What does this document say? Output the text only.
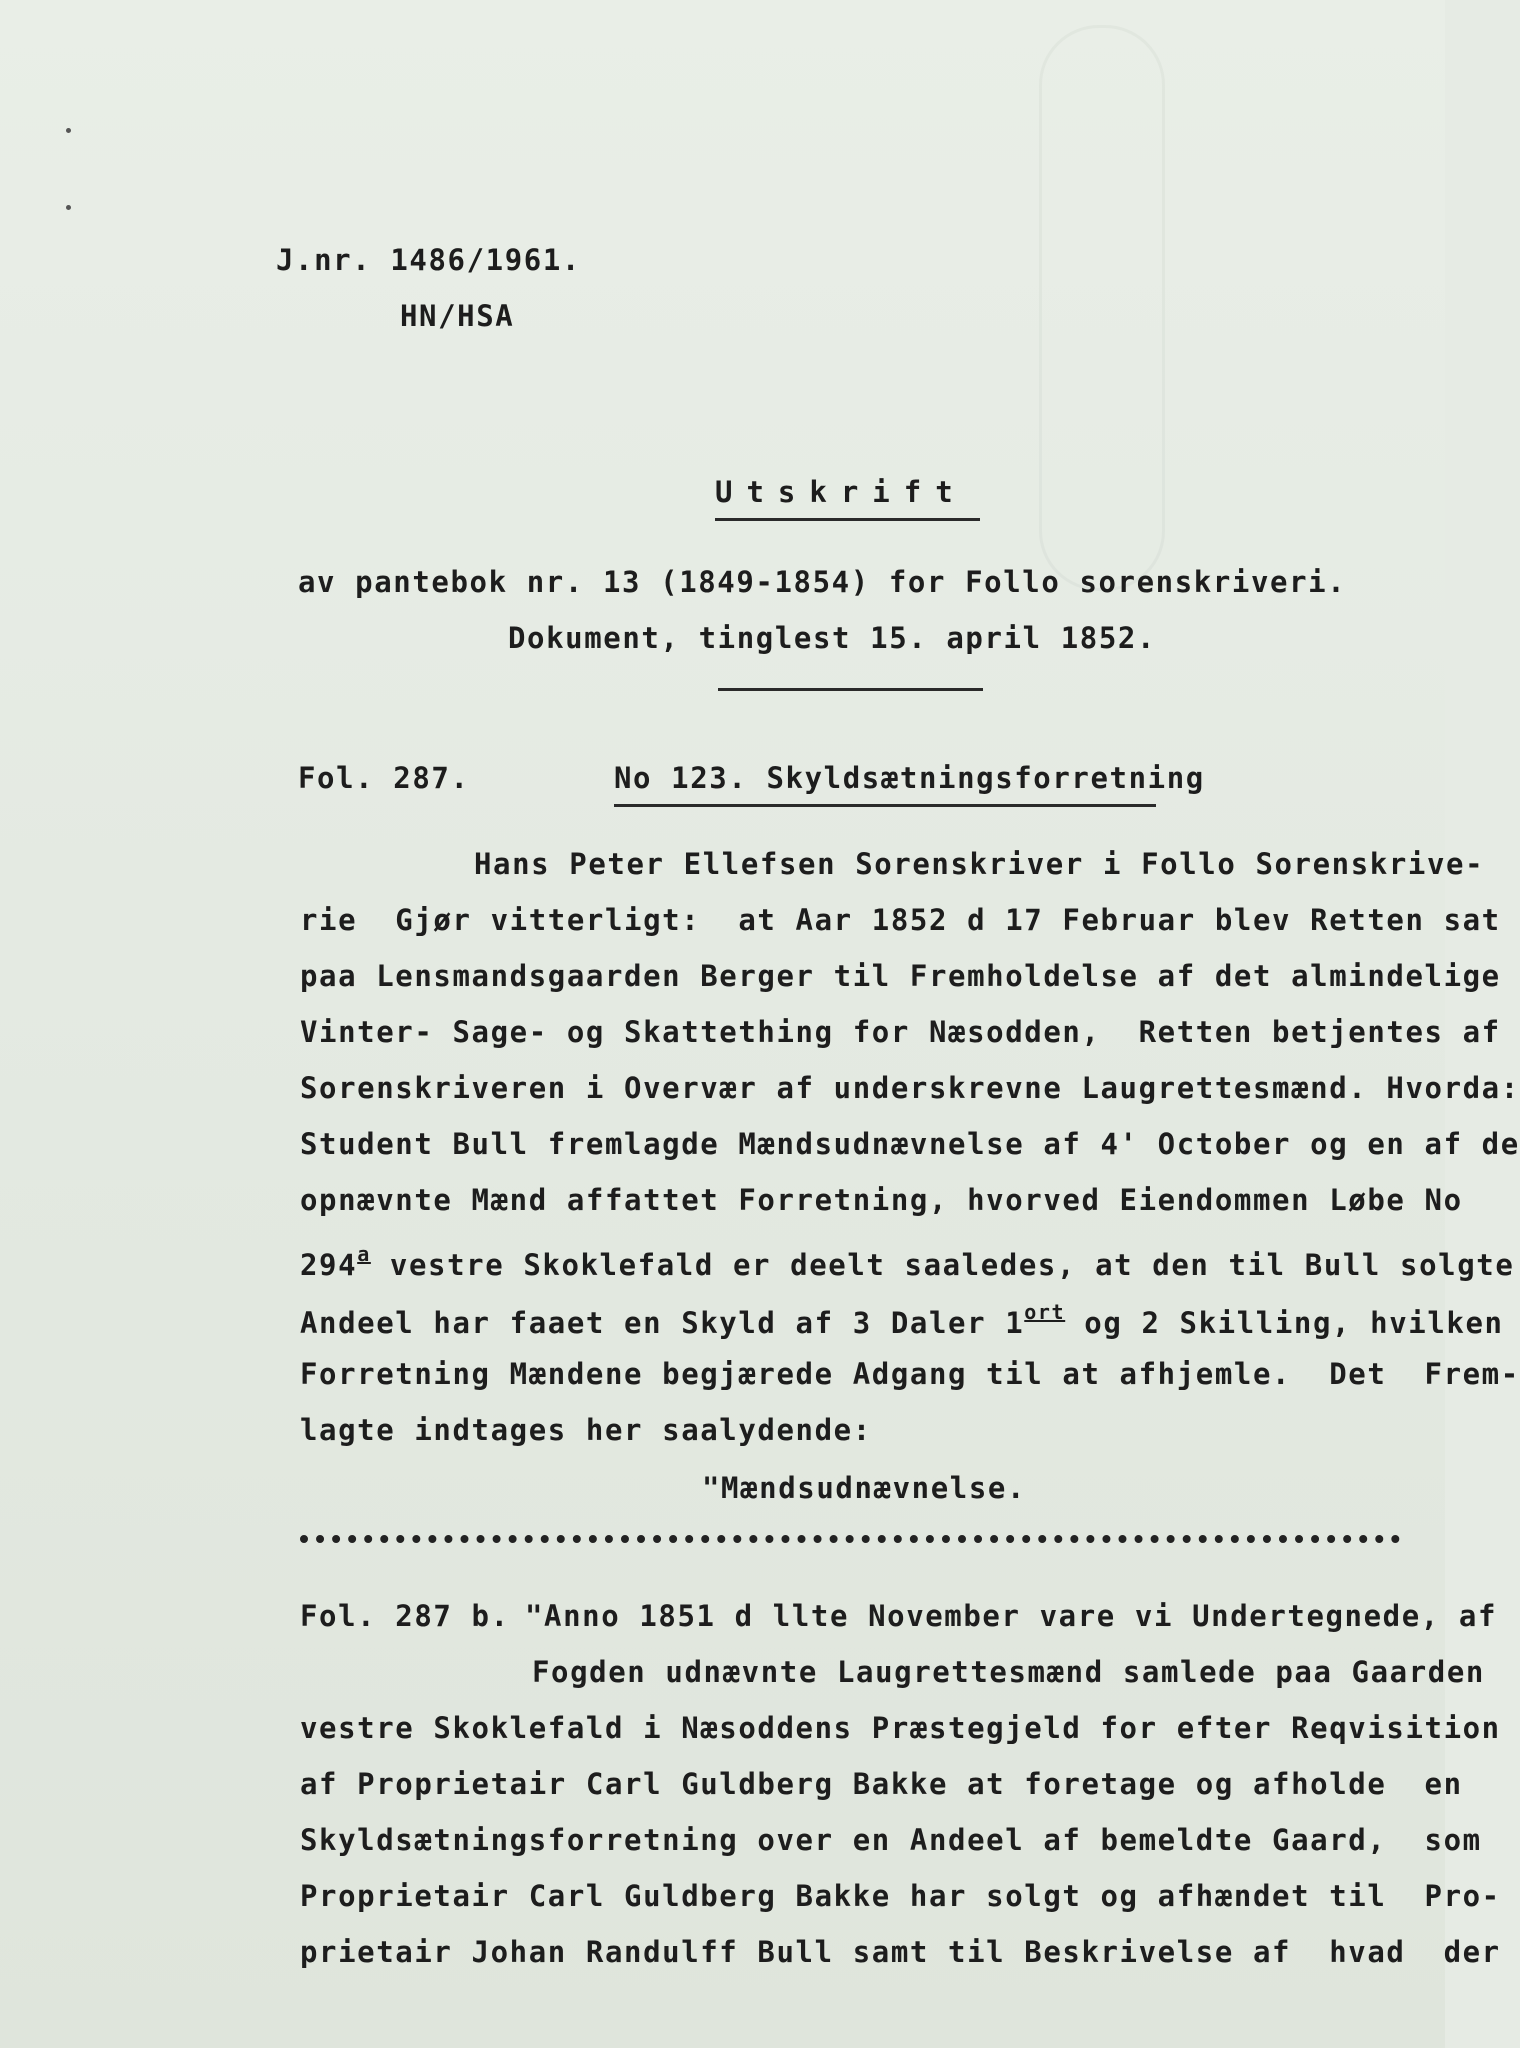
J.nr. 1486/1961.
HN/HSA
Utskrift
av pantebok nr. 13 (1849-1854) for Follo sorenskriveri.
Dokument, tinglest 15. april 1852.
Fol. 287.	No 123. Skyldsætningsforretning
Hans Peter Ellefsen Sorenskriver i Follo Sorenskrive-
rie  Gjør vitterligt:  at Aar 1852 d 17 Februar blev Retten sat
paa Lensmandsgaarden Berger til Fremholdelse af det almindelige
Vinter- Sage- og Skattething for Næsodden,  Retten betjentes af
Sorenskriveren i Overvær af underskrevne Laugrettesmænd. Hvorda:
Student Bull fremlagde Mændsudnævnelse af 4' October og en af de
opnævnte Mænd affattet Forretning, hvorved Eiendommen Løbe No
294$^a$ vestre Skoklefald er deelt saaledes, at den til Bull solgte
Andeel har faaet en Skyld af 3 Daler $1^{ort}$ og 2 Skilling, hvilken
Forretning Mændene begjærede Adgang til at afhjemle.  Det  Frem-
lagte indtages her saalydende:
"Mændsudnævnelse.
Fol. 287 b. "Anno 1851 d llte November vare vi Undertegnede, af
Fogden udnævnte Laugrettesmænd samlede paa Gaarden
vestre Skoklefald i Næsoddens Præstegjeld for efter Reqvisition
af Proprietair Carl Guldberg Bakke at foretage og afholde  en
Skyldsætningsforretning over en Andeel af bemeldte Gaard,  som
Proprietair Carl Guldberg Bakke har solgt og afhændet til  Pro-
prietair Johan Randulff Bull samt til Beskrivelse af  hvad  der
